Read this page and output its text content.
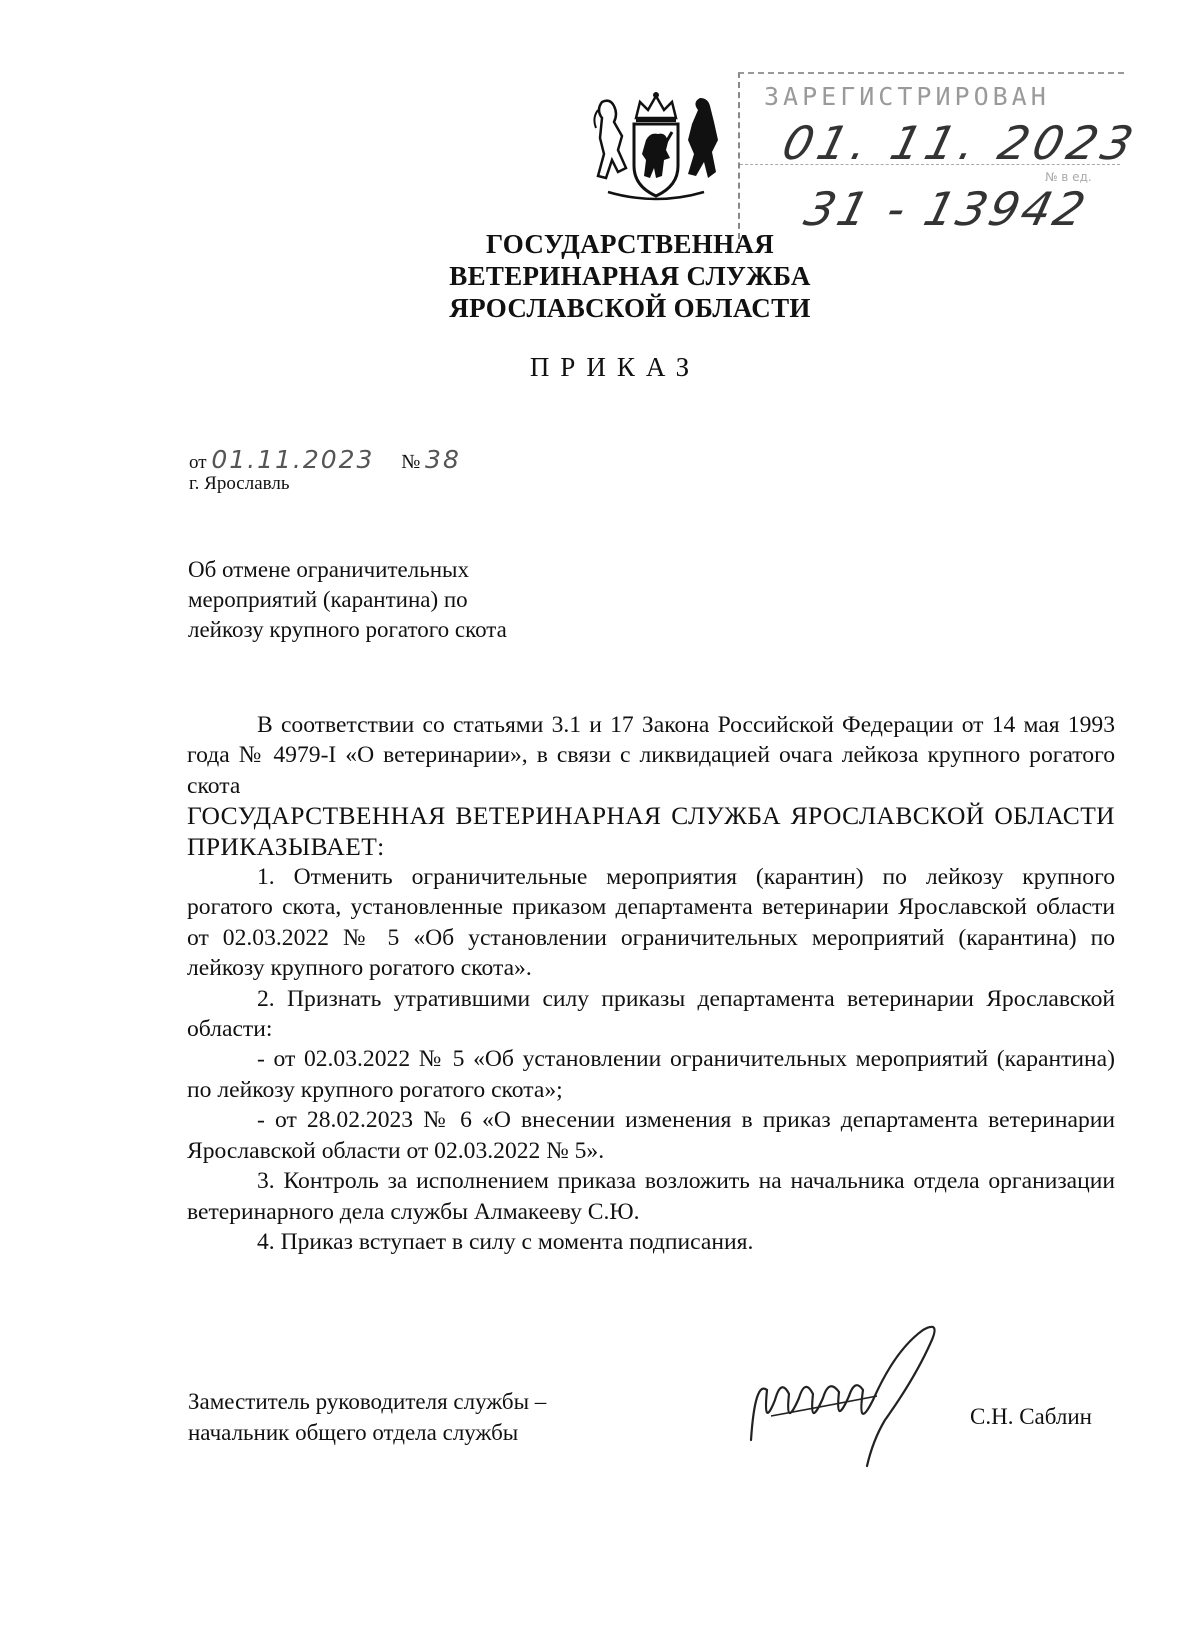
ЗАРЕГИСТРИРОВАН
01. 11. 2023
№ в ед.
31 - 13942
ГОСУДАРСТВЕННАЯ
ВЕТЕРИНАРНАЯ СЛУЖБА
ЯРОСЛАВСКОЙ ОБЛАСТИ
ПРИКАЗ
от 01.11.2023 № 38
г. Ярославль
Об отмене ограничительных
мероприятий (карантина) по
лейкозу крупного рогатого скота

В соответствии со статьями 3.1 и 17 Закона Российской Федерации от 14 мая 1993 года № 4979-I «О ветеринарии», в связи с ликвидацией очага лейкоза крупного рогатого скота

ГОСУДАРСТВЕННАЯ ВЕТЕРИНАРНАЯ СЛУЖБА ЯРОСЛАВСКОЙ ОБЛАСТИ ПРИКАЗЫВАЕТ:

1. Отменить ограничительные мероприятия (карантин) по лейкозу крупного рогатого скота, установленные приказом департамента ветеринарии Ярославской области от 02.03.2022 № 5 «Об установлении ограничительных мероприятий (карантина) по лейкозу крупного рогатого скота».

2. Признать утратившими силу приказы департамента ветеринарии Ярославской области:

- от 02.03.2022 № 5 «Об установлении ограничительных мероприятий (карантина) по лейкозу крупного рогатого скота»;

- от 28.02.2023 № 6 «О внесении изменения в приказ департамента ветеринарии Ярославской области от 02.03.2022 № 5».

3. Контроль за исполнением приказа возложить на начальника отдела организации ветеринарного дела службы Алмакееву С.Ю.

4. Приказ вступает в силу с момента подписания.

Заместитель руководителя службы –
начальник общего отдела службы
С.Н. Саблин
